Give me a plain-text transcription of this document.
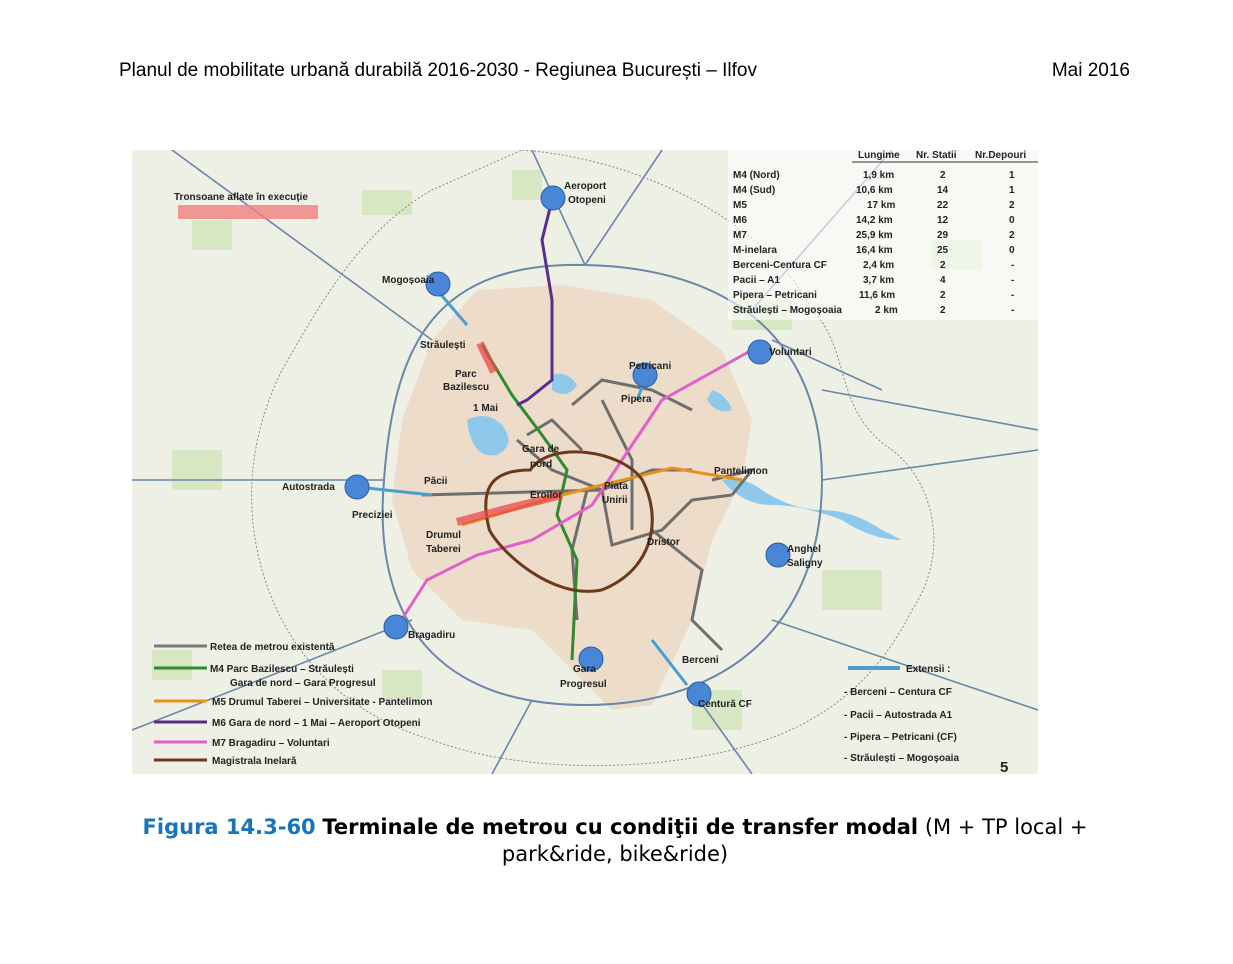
Planul de mobilitate urbană durabilă 2016-2030 - Regiunea București – Ilfov	Mai 2016
Tronsoane aflate în execuție
Aeroport
Otopeni
Mogoșoaia
Străulești
Parc
Bazilescu
1 Mai
Petricani
Pipera
Voluntari
Gara de
nord
Pantelimon
Autostrada
Păcii
Preciziei
Eroilor
Piata
Unirii
Drumul
Taberei
Dristor
Anghel
Saligny
Bragadiru
Berceni
Gara
Progresul
Centură CF
Lungime Nr. Statii Nr.Depouri
M4 (Nord)	1,9 km	2	1
M4 (Sud)	10,6 km	14	1
M5	17 km	22	2
M6	14,2 km	12	0
M7	25,9 km	29	2
M-inelara	16,4 km	25	0
Berceni-Centura CF	2,4 km	2	-
Pacii – A1	3,7 km	4	-
Pipera – Petricani	11,6 km	2	-
Străulești – Mogoșoaia	2 km	2	-
Retea de metrou existentă
M4 Parc Bazilescu – Străulești
Gara de nord – Gara Progresul
M5 Drumul Taberei – Universitate - Pantelimon
M6 Gara de nord – 1 Mai – Aeroport Otopeni
M7 Bragadiru – Voluntari
Magistrala Inelară
Extensii :
- Berceni – Centura CF
- Pacii – Autostrada A1
- Pipera – Petricani (CF)
- Străulești – Mogoșoaia
5
Figura 14.3-60 Terminale de metrou cu condiţii de transfer modal (M + TP local + park&ride, bike&ride)
